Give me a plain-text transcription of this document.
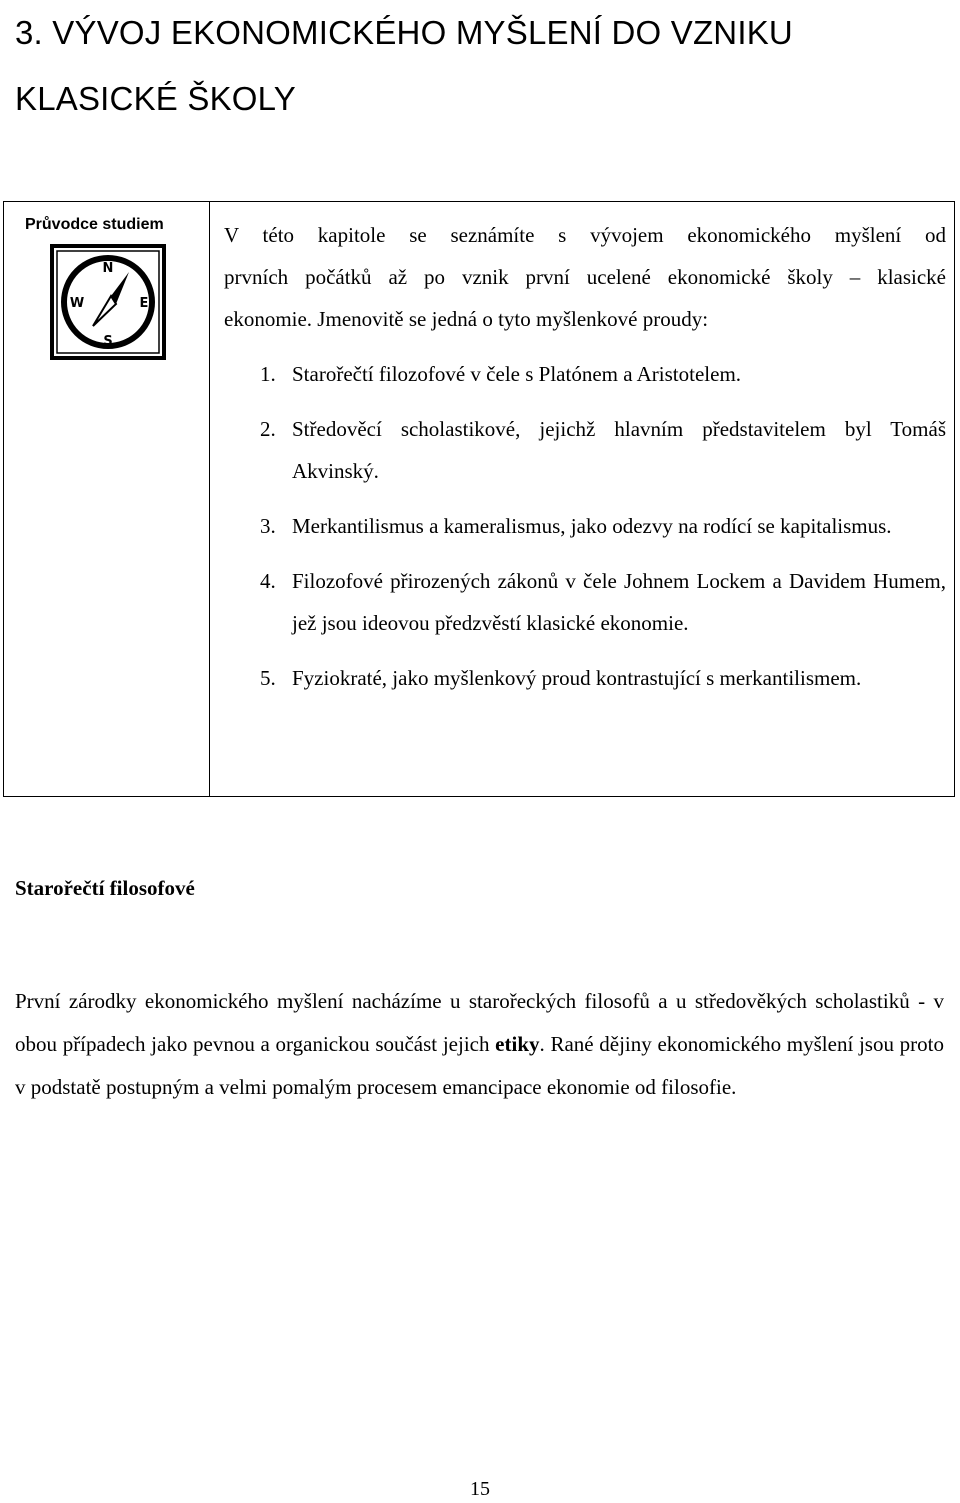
3. VÝVOJ EKONOMICKÉHO MYŠLENÍ DO VZNIKU
KLASICKÉ ŠKOLY
Průvodce studiem
N
S
E
W

V této kapitole se seznámíte s vývojem ekonomického myšlení od
prvních počátků až po vznik první ucelené ekonomické školy – klasické
ekonomie. Jmenovitě se jedná o tyto myšlenkové proudy:

1. Starořečtí filozofové v čele s Platónem a Aristotelem.
2. Středověcí scholastikové, jejichž hlavním představitelem byl Tomáš Akvinský.
3. Merkantilismus a kameralismus, jako odezvy na rodící se kapitalismus.
4. Filozofové přirozených zákonů v čele Johnem Lockem a Davidem Humem, jež jsou ideovou předzvěstí klasické ekonomie.
5. Fyziokraté, jako myšlenkový proud kontrastující s merkantilismem.
Starořečtí filosofové

První zárodky ekonomického myšlení nacházíme u starořeckých filosofů a u středověkých scholastiků - v obou případech jako pevnou a organickou součást jejich etiky. Rané dějiny ekonomického myšlení jsou proto v podstatě postupným a velmi pomalým procesem emancipace ekonomie od filosofie.

15
